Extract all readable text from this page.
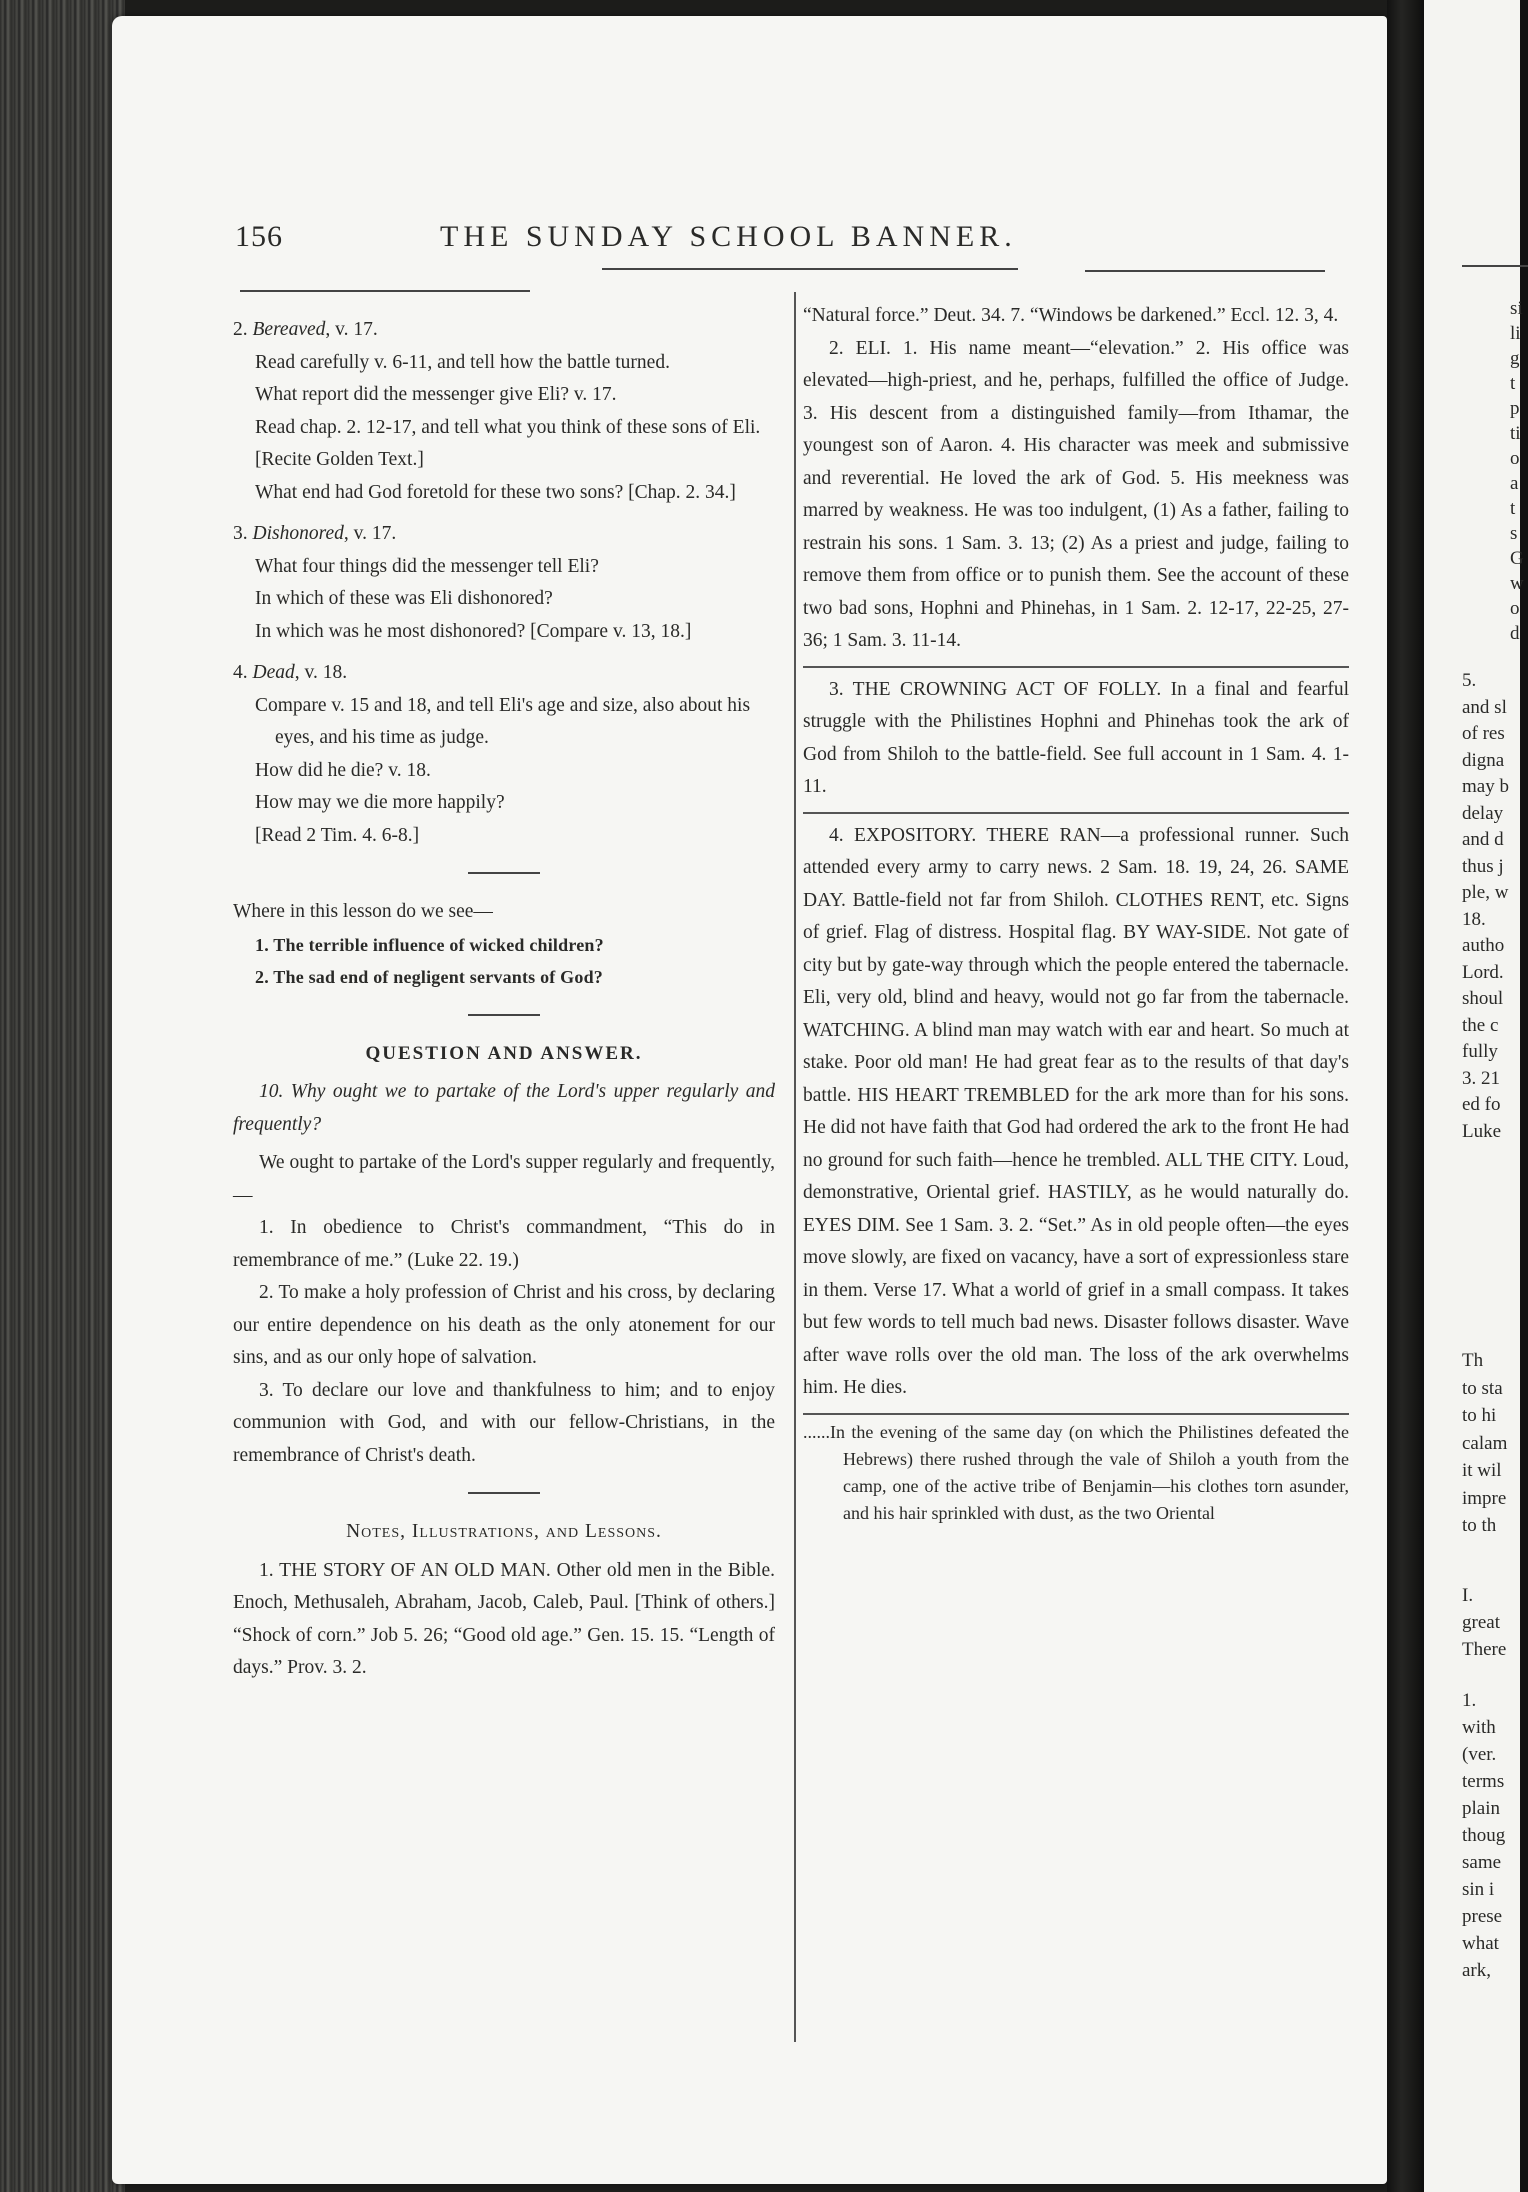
156	THE SUNDAY SCHOOL BANNER.

2. Bereaved, v. 17.

Read carefully v. 6-11, and tell how the battle turned.

What report did the messenger give Eli? v. 17.

Read chap. 2. 12-17, and tell what you think of these sons of Eli.

[Recite Golden Text.]

What end had God foretold for these two sons? [Chap. 2. 34.]

3. Dishonored, v. 17.

What four things did the messenger tell Eli?

In which of these was Eli dishonored?

In which was he most dishonored? [Compare v. 13, 18.]

4. Dead, v. 18.

Compare v. 15 and 18, and tell Eli's age and size, also about his eyes, and his time as judge.

How did he die? v. 18.

How may we die more happily?

[Read 2 Tim. 4. 6-8.]

Where in this lesson do we see—

1. The terrible influence of wicked children?

2. The sad end of negligent servants of God?

QUESTION AND ANSWER.

10. Why ought we to partake of the Lord's upper regularly and frequently?

We ought to partake of the Lord's supper regularly and frequently,—

1. In obedience to Christ's commandment, “This do in remembrance of me.” (Luke 22. 19.)

2. To make a holy profession of Christ and his cross, by declaring our entire dependence on his death as the only atonement for our sins, and as our only hope of salvation.

3. To declare our love and thankfulness to him; and to enjoy communion with God, and with our fellow-Christians, in the remembrance of Christ's death.

Notes, Illustrations, and Lessons.

1. THE STORY OF AN OLD MAN. Other old men in the Bible. Enoch, Methusaleh, Abraham, Jacob, Caleb, Paul. [Think of others.] “Shock of corn.” Job 5. 26; “Good old age.” Gen. 15. 15. “Length of days.” Prov. 3. 2.

“Natural force.” Deut. 34. 7. “Windows be darkened.” Eccl. 12. 3, 4.

2. ELI. 1. His name meant—“elevation.” 2. His office was elevated—high-priest, and he, perhaps, fulfilled the office of Judge. 3. His descent from a distinguished family—from Ithamar, the youngest son of Aaron. 4. His character was meek and submissive and reverential. He loved the ark of God. 5. His meekness was marred by weakness. He was too indulgent, (1) As a father, failing to restrain his sons. 1 Sam. 3. 13; (2) As a priest and judge, failing to remove them from office or to punish them. See the account of these two bad sons, Hophni and Phinehas, in 1 Sam. 2. 12-17, 22-25, 27-36; 1 Sam. 3. 11-14.

3. THE CROWNING ACT OF FOLLY. In a final and fearful struggle with the Philistines Hophni and Phinehas took the ark of God from Shiloh to the battle-field. See full account in 1 Sam. 4. 1-11.

4. EXPOSITORY. THERE RAN—a professional runner. Such attended every army to carry news. 2 Sam. 18. 19, 24, 26. SAME DAY. Battle-field not far from Shiloh. CLOTHES RENT, etc. Signs of grief. Flag of distress. Hospital flag. BY WAY-SIDE. Not gate of city but by gate-way through which the people entered the tabernacle. Eli, very old, blind and heavy, would not go far from the tabernacle. WATCHING. A blind man may watch with ear and heart. So much at stake. Poor old man! He had great fear as to the results of that day's battle. HIS HEART TREMBLED for the ark more than for his sons. He did not have faith that God had ordered the ark to the front He had no ground for such faith—hence he trembled. ALL THE CITY. Loud, demonstrative, Oriental grief. HASTILY, as he would naturally do. EYES DIM. See 1 Sam. 3. 2. “Set.” As in old people often—the eyes move slowly, are fixed on vacancy, have a sort of expressionless stare in them. Verse 17. What a world of grief in a small compass. It takes but few words to tell much bad news. Disaster follows disaster. Wave after wave rolls over the old man. The loss of the ark overwhelms him. He dies.

......In the evening of the same day (on which the Philistines defeated the Hebrews) there rushed through the vale of Shiloh a youth from the camp, one of the active tribe of Benjamin—his clothes torn asunder, and his hair sprinkled with dust, as the two Oriental

si
li
g
t
p
ti
o
a
t
s
G
w
o
d
5.
and sl
of res
digna
may b
delay
and d
thus j
ple, w
18.
autho
Lord.
shoul
the c
fully
3. 21
ed fo
Luke
Th
to sta
to hi
calam
it wil
impre
to th
I.
great
There
1.
with
(ver.
terms
plain
thoug
same
sin i
prese
what
ark,
